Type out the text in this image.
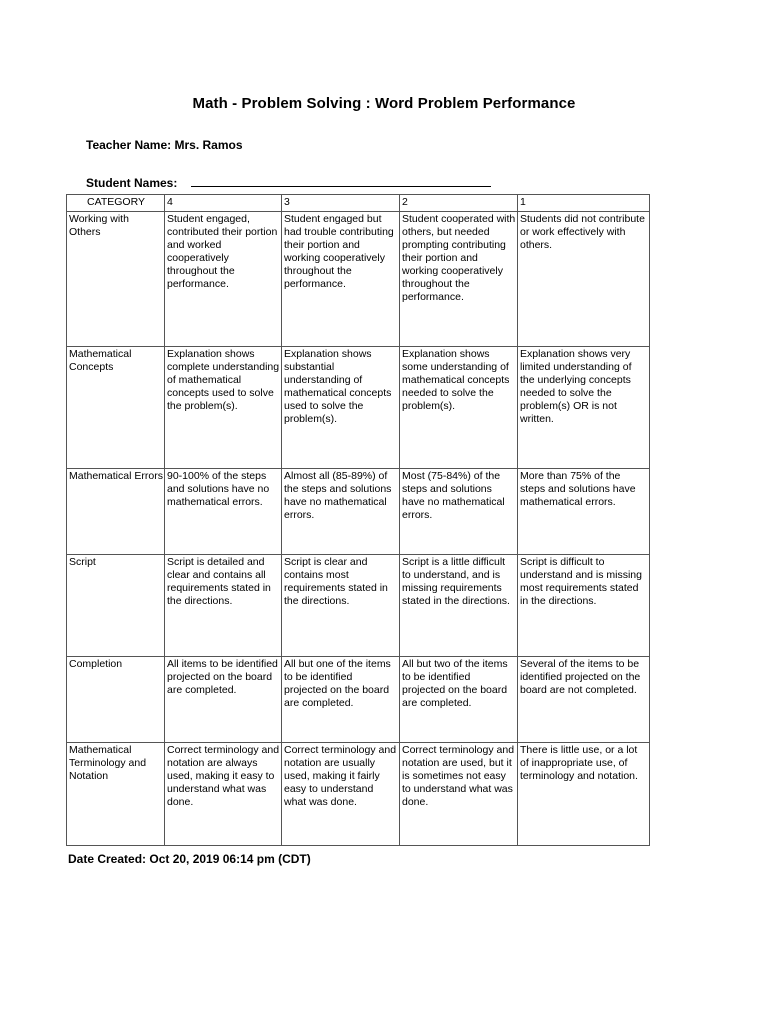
Math - Problem Solving : Word Problem Performance
Teacher Name: Mrs. Ramos
Student Names:
CATEGORY	4	3	2	1
Working with Others	Student engaged, contributed their portion and worked cooperatively throughout the performance.	Student engaged but had trouble contributing their portion and working cooperatively throughout the performance.	Student cooperated with others, but needed prompting contributing their portion and working cooperatively throughout the performance.	Students did not contribute or work effectively with others.
Mathematical Concepts	Explanation shows complete understanding of mathematical concepts used to solve the problem(s).	Explanation shows substantial understanding of mathematical concepts used to solve the problem(s).	Explanation shows some understanding of mathematical concepts needed to solve the problem(s).	Explanation shows very limited understanding of the underlying concepts needed to solve the problem(s) OR is not written.
Mathematical Errors	90-100% of the steps and solutions have no mathematical errors.	Almost all (85-89%) of the steps and solutions have no mathematical errors.	Most (75-84%) of the steps and solutions have no mathematical errors.	More than 75% of the steps and solutions have mathematical errors.
Script	Script is detailed and clear and contains all requirements stated in the directions.	Script is clear and contains most requirements stated in the directions.	Script is a little difficult to understand, and is missing requirements stated in the directions.	Script is difficult to understand and is missing most requirements stated in the directions.
Completion	All items to be identified projected on the board are completed.	All but one of the items to be identified projected on the board are completed.	All but two of the items to be identified projected on the board are completed.	Several of the items to be identified projected on the board are not completed.
Mathematical Terminology and Notation	Correct terminology and notation are always used, making it easy to understand what was done.	Correct terminology and notation are usually used, making it fairly easy to understand what was done.	Correct terminology and notation are used, but it is sometimes not easy to understand what was done.	There is little use, or a lot of inappropriate use, of terminology and notation.
Date Created: Oct 20, 2019 06:14 pm (CDT)
